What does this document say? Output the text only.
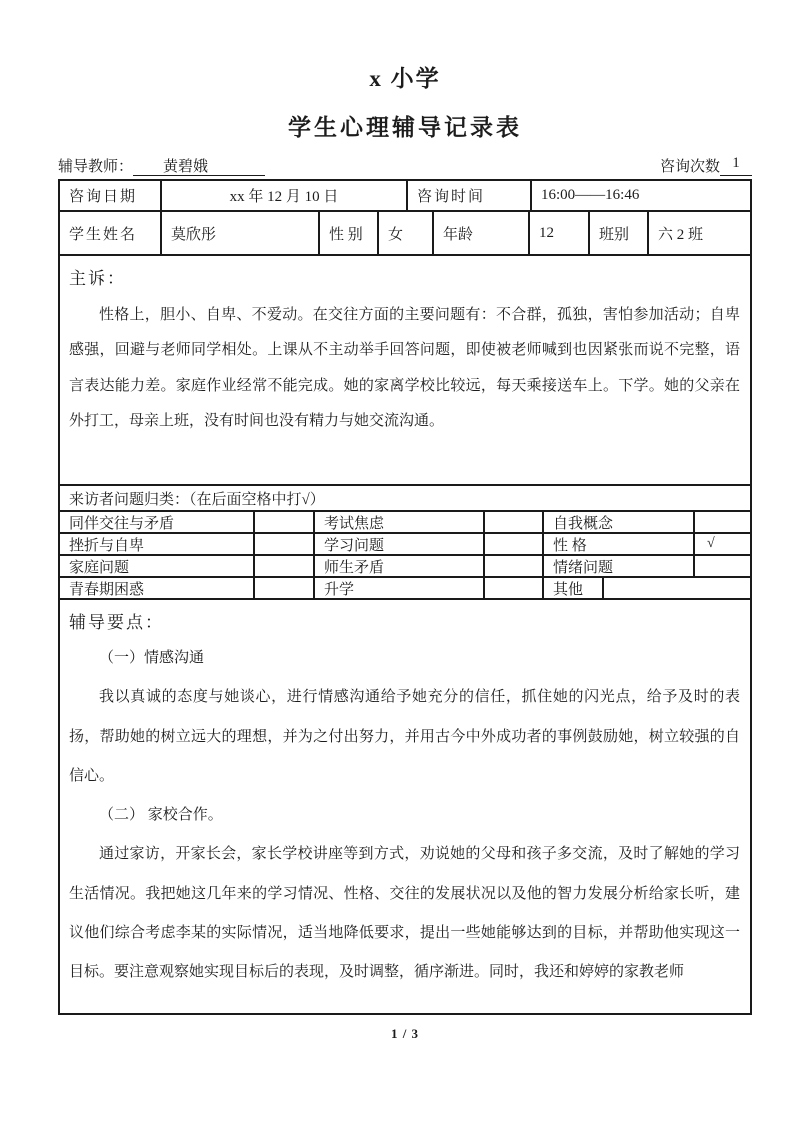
x 小学
学生心理辅导记录表
辅导教师：	黄碧娥	咨询次数 1
咨询日期	xx 年 12 月 10 日	咨询时间	16:00——16:46
学生姓名	莫欣彤	性 别	女	年龄	12	班别	六 2 班
主诉：

性格上，胆小、自卑、不爱动。在交往方面的主要问题有：不合群，孤独，害怕参加活动；自卑感强，回避与老师同学相处。上课从不主动举手回答问题，即使被老师喊到也因紧张而说不完整，语言表达能力差。家庭作业经常不能完成。她的家离学校比较远，每天乘接送车上。下学。她的父亲在外打工，母亲上班，没有时间也没有精力与她交流沟通。

来访者问题归类：（在后面空格中打√）
同伴交往与矛盾	考试焦虑	自我概念
挫折与自卑	学习问题	性 格	√
家庭问题	师生矛盾	情绪问题
青春期困惑	升学	其他
辅导要点：

（一）情感沟通

我以真诚的态度与她谈心，进行情感沟通给予她充分的信任，抓住她的闪光点，给予及时的表扬，帮助她的树立远大的理想，并为之付出努力，并用古今中外成功者的事例鼓励她，树立较强的自信心。

（二） 家校合作。

通过家访，开家长会，家长学校讲座等到方式，劝说她的父母和孩子多交流，及时了解她的学习生活情况。我把她这几年来的学习情况、性格、交往的发展状况以及他的智力发展分析给家长听，建议他们综合考虑李某的实际情况，适当地降低要求，提出一些她能够达到的目标，并帮助他实现这一目标。要注意观察她实现目标后的表现，及时调整，循序渐进。同时，我还和婷婷的家教老师

1 / 3
